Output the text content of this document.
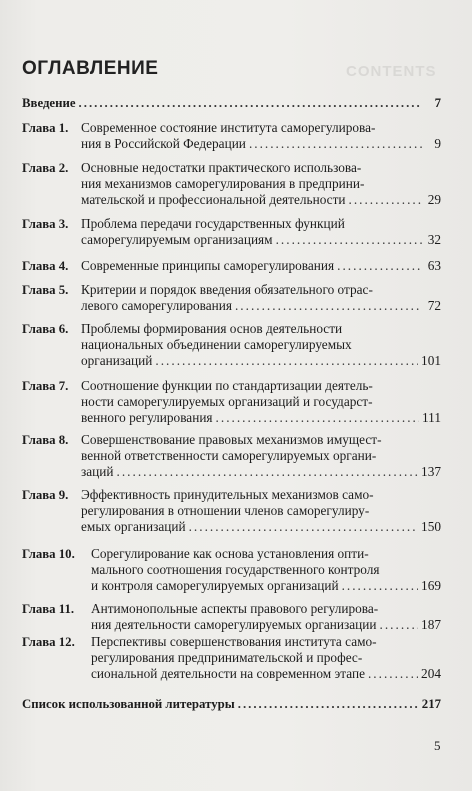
CONTENTS
ОГЛАВЛЕНИЕ
Введение .....	7
Глава 1. Современное состояние института саморегулирова-
ния в Российской Федерации .....	9
Глава 2. Основные недостатки практического использова-
ния механизмов саморегулирования в предприни-
мательской и профессиональной деятельности .....	29
Глава 3. Проблема передачи государственных функций
саморегулируемым организациям .....	32
Глава 4. Современные принципы саморегулирования .....	63
Глава 5. Критерии и порядок введения обязательного отрас-
левого саморегулирования .....	72
Глава 6. Проблемы формирования основ деятельности
национальных объединении саморегулируемых
организаций .....	101
Глава 7. Соотношение функции по стандартизации деятель-
ности саморегулируемых организаций и государст-
венного регулирования .....	111
Глава 8. Совершенствование правовых механизмов имущест-
венной ответственности саморегулируемых органи-
заций .....	137
Глава 9. Эффективность принудительных механизмов само-
регулирования в отношении членов саморегулиру-
емых организаций .....	150
Глава 10. Сорегулирование как основа установления опти-
мального соотношения государственного контроля
и контроля саморегулируемых организаций .....	169
Глава 11. Антимонопольные аспекты правового регулирова-
ния деятельности саморегулируемых организации .....	187
Глава 12. Перспективы совершенствования института само-
регулирования предпринимательской и профес-
сиональной деятельности на современном этапе .....	204
Список использованной литературы .....	217
5
